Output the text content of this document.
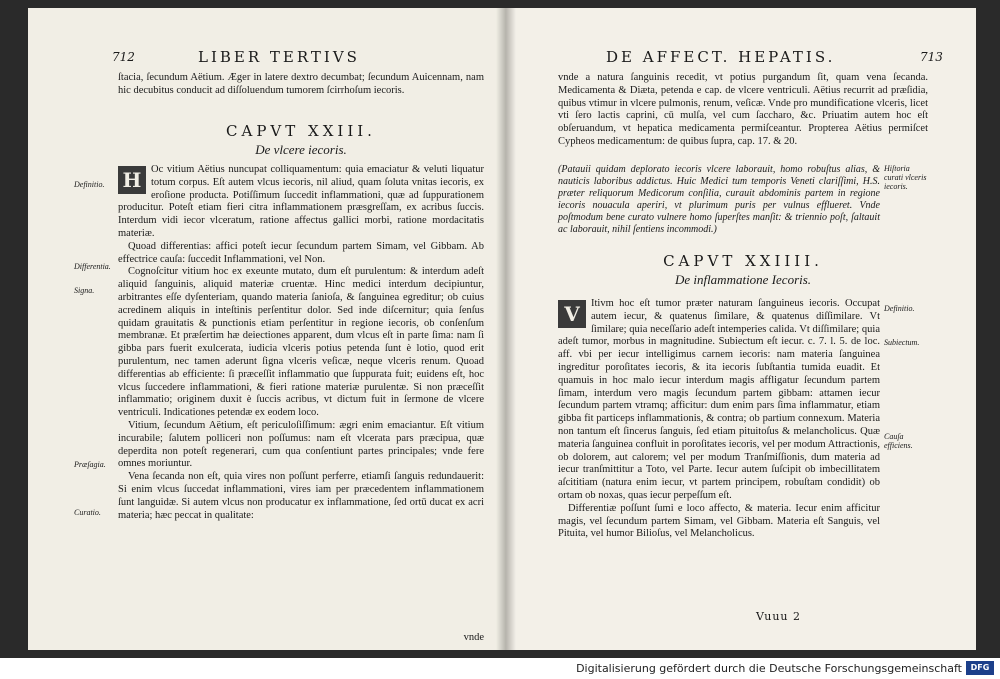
712	LIBER TERTIVS
ſtacia, ſecundum Aëtium. Æger in latere dextro decumbat; ſecundum Auicennam, nam hic decubitus conducit ad diſſoluendum tumorem ſcirrhoſum iecoris.
CAPVT XXIII.
De vlcere iecoris.

H Oc vitium Aëtius nuncupat colliquamentum: quia emaciatur & veluti liquatur totum corpus. Eſt autem vlcus iecoris, nil aliud, quam ſoluta vnitas iecoris, ex eroſione producta. Potiſſimum ſuccedit inflammationi, quæ ad ſuppurationem producitur. Poteſt etiam fieri citra inflammationem præsgreſſam, ex acribus ſuccis. Interdum vidi iecor vlceratum, ratione affectus gallici morbi, ratione mordacitatis materiæ.

Quoad differentias: affici poteſt iecur ſecundum partem Simam, vel Gibbam. Ab effectrice cauſa: ſuccedit Inflammationi, vel Non.

Cognoſcitur vitium hoc ex exeunte mutato, dum eſt purulentum: & interdum adeſt aliquid ſanguinis, aliquid materiæ cruentæ. Hinc medici interdum decipiuntur, arbitrantes eſſe dyſenteriam, quando materia ſanioſa, & ſanguinea egreditur; ob cuius acredinem aliquis in inteſtinis perſentitur dolor. Sed inde diſcernitur; quia ſenſus quidam grauitatis & punctionis etiam perſentitur in regione iecoris, ob conſenſum membranæ. Et præſertim hæ deiectiones apparent, dum vlcus eſt in parte ſima: nam ſi gibba pars fuerit exulcerata, iudicia vlceris potius petenda ſunt è lotio, quod erit purulentum, nec tamen aderunt ſigna vlceris veſicæ, neque vlceris renum. Quoad differentias ab efficiente: ſi præceſſit inflammatio que ſuppurata fuit; euidens eſt, hoc vlcus ſuccedere inflammationi, & fieri ratione materiæ purulentæ. Si non præceſſit inflammatio; originem duxit è ſuccis acribus, vt dictum fuit in ſermone de vlcere ventriculi. Indicationes petendæ ex eodem loco.

Vitium, ſecundum Aëtium, eſt periculoſiſſimum: ægri enim emaciantur. Eſt vitium incurabile; ſalutem polliceri non poſſumus: nam eſt vlcerata pars præcipua, quæ deperdita non poteſt regenerari, cum qua conſentiunt partes principales; vnde fere omnes moriuntur.

Vena ſecanda non eſt, quia vires non poſſunt perferre, etiamſi ſanguis redundauerit: Si enim vlcus ſuccedat inflammationi, vires iam per præcedentem inflammationem ſunt languidæ. Si autem vlcus non producatur ex inflammatione, ſed ortū ducat ex acri materia; hæc peccat in qualitate:

vnde
Definitio.
Differentia.
Signa.
Præſagia.
Curatio.
DE AFFECT. HEPATIS.	713
vnde a natura ſanguinis recedit, vt potius purgandum ſit, quam vena ſecanda. Medicamenta & Diæta, petenda e cap. de vlcere ventriculi. Aëtius recurrit ad præſidia, quibus vtimur in vlcere pulmonis, renum, veſicæ. Vnde pro mundificatione vlceris, licet vti ſero lactis caprini, cū mulſa, vel cum ſaccharo, &c. Priuatim autem hoc eſt obſeruandum, vt hepatica medicamenta permiſceantur. Propterea Aëtius permiſcet Cypheos medicamentum: de quibus ſupra, cap. 17. & 20.
(Patauii quidam deplorato iecoris vlcere laborauit, homo robuſtus alias, & nauticis laboribus addictus. Huic Medici tum temporis Veneti clariſſimi, H.S. præter reliquorum Medicorum conſilia, curauit abdominis partem in regione iecoris nouacula aperiri, vt plurimum puris per vulnus efflueret. Vnde poſtmodum bene curato vulnere homo ſuperſtes manſit: & triennio poſt, ſaltauit ac laborauit, nihil ſentiens incommodi.)
CAPVT XXIIII.
De inflammatione Iecoris.

V	Itivm hoc eſt tumor præter naturam ſanguineus iecoris. Occupat autem iecur, & quatenus ſimilare, & quatenus diſſimilare. Vt ſimilare; quia neceſſario adeſt intemperies calida. Vt diſſimilare; quia adeſt tumor, morbus in magnitudine. Subiectum eſt iecur. c. 7. l. 5. de loc. aff. vbi per iecur intelligimus carnem iecoris: nam materia ſanguinea ingreditur poroſitates iecoris, & ita iecoris ſubſtantia tumida euadit. Et quamuis in hoc malo iecur interdum magis affligatur ſecundum partem ſimam, interdum vero magis ſecundum partem gibbam: attamen iecur ſecundum partem vtramq; afficitur: dum enim pars ſima inflammatur, etiam gibba fit particeps inflammationis, & contra; ob partium connexum. Materia non tantum eſt ſincerus ſanguis, ſed etiam pituitoſus & melancholicus. Quæ materia ſanguinea confluit in poroſitates iecoris, vel per modum Attractionis, ob dolorem, aut calorem; vel per modum Tranſmiſſionis, dum materia ad iecur tranſmittitur a Toto, vel Parte. Iecur autem ſuſcipit ob imbecillitatem aſcititiam (natura enim iecur, vt partem principem, robuſtam condidit) ob ortam ob noxas, quas iecur perpeſſum eſt.

Differentiæ poſſunt ſumi e loco affecto, & materia. Iecur enim afficitur magis, vel ſecundum partem Simam, vel Gibbam. Materia eſt Sanguis, vel Pituita, vel humor Bilioſus, vel Melancholicus.

Vuuu 2
Hiſtoria curati vlceris iecoris.
Definitio.
Subiectum.
Cauſa efficiens.
Digitalisierung gefördert durch die Deutsche Forschungsgemeinschaft	DFG
